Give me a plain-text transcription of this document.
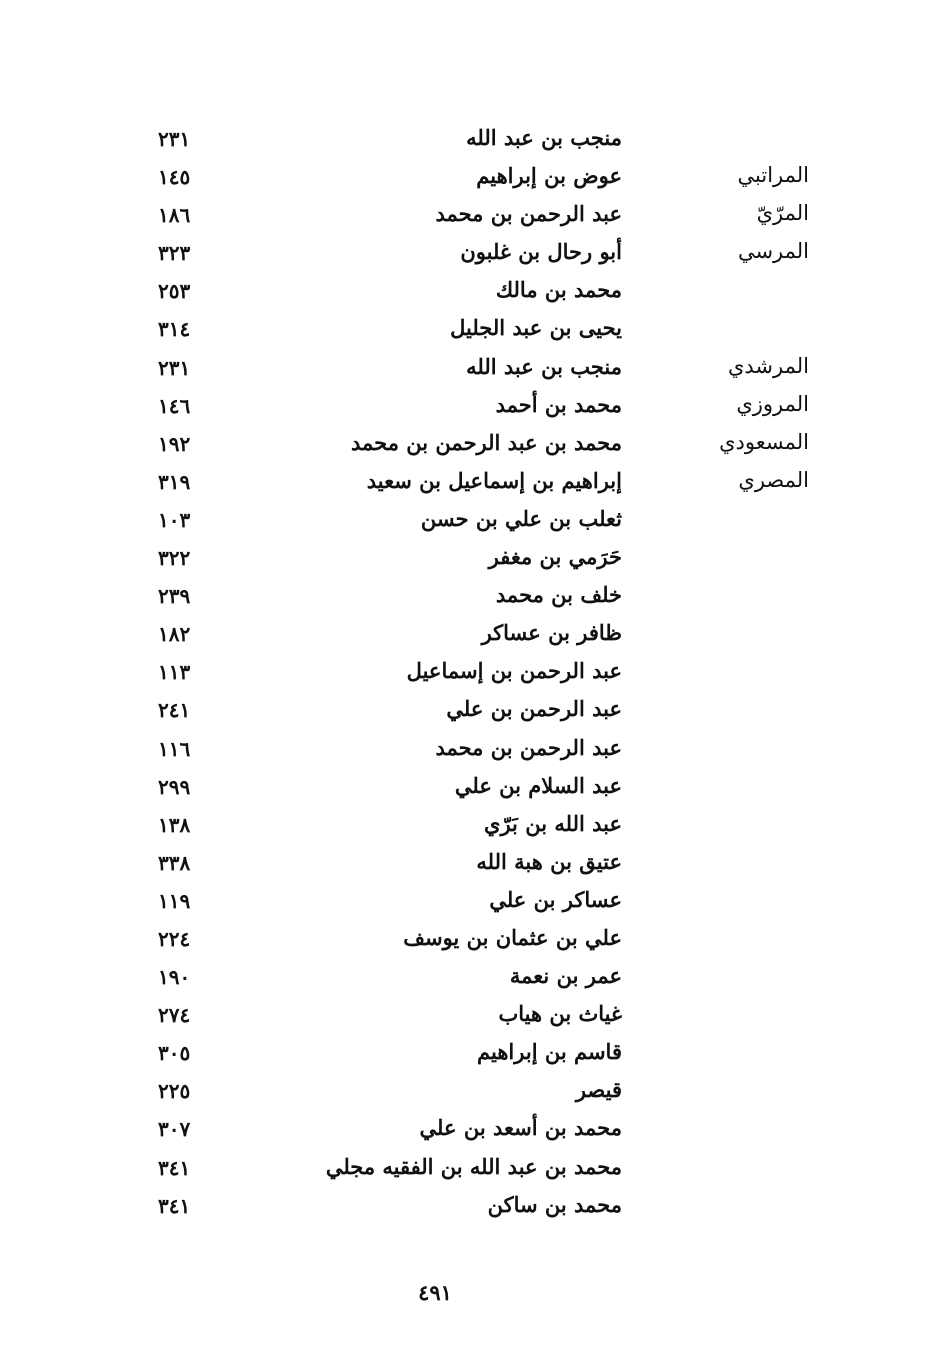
منجب بن عبد الله
٢٣١
المراتبي
عوض بن إبراهيم
١٤٥
المرّيّ
عبد الرحمن بن محمد
١٨٦
المرسي
أبو رحال بن غلبون
٣٢٣
محمد بن مالك
٢٥٣
يحيى بن عبد الجليل
٣١٤
المرشدي
منجب بن عبد الله
٢٣١
المروزي
محمد بن أحمد
١٤٦
المسعودي
محمد بن عبد الرحمن بن محمد
١٩٢
المصري
إبراهيم بن إسماعيل بن سعيد
٣١٩
ثعلب بن علي بن حسن
١٠٣
حَرَمي بن مغفر
٣٢٢
خلف بن محمد
٢٣٩
ظافر بن عساكر
١٨٢
عبد الرحمن بن إسماعيل
١١٣
عبد الرحمن بن علي
٢٤١
عبد الرحمن بن محمد
١١٦
عبد السلام بن علي
٢٩٩
عبد الله بن بَرّي
١٣٨
عتيق بن هبة الله
٣٣٨
عساكر بن علي
١١٩
علي بن عثمان بن يوسف
٢٢٤
عمر بن نعمة
١٩٠
غياث بن هياب
٢٧٤
قاسم بن إبراهيم
٣٠٥
قيصر
٢٢٥
محمد بن أسعد بن علي
٣٠٧
محمد بن عبد الله بن الفقيه مجلي
٣٤١
محمد بن ساكن
٣٤١
٤٩١
